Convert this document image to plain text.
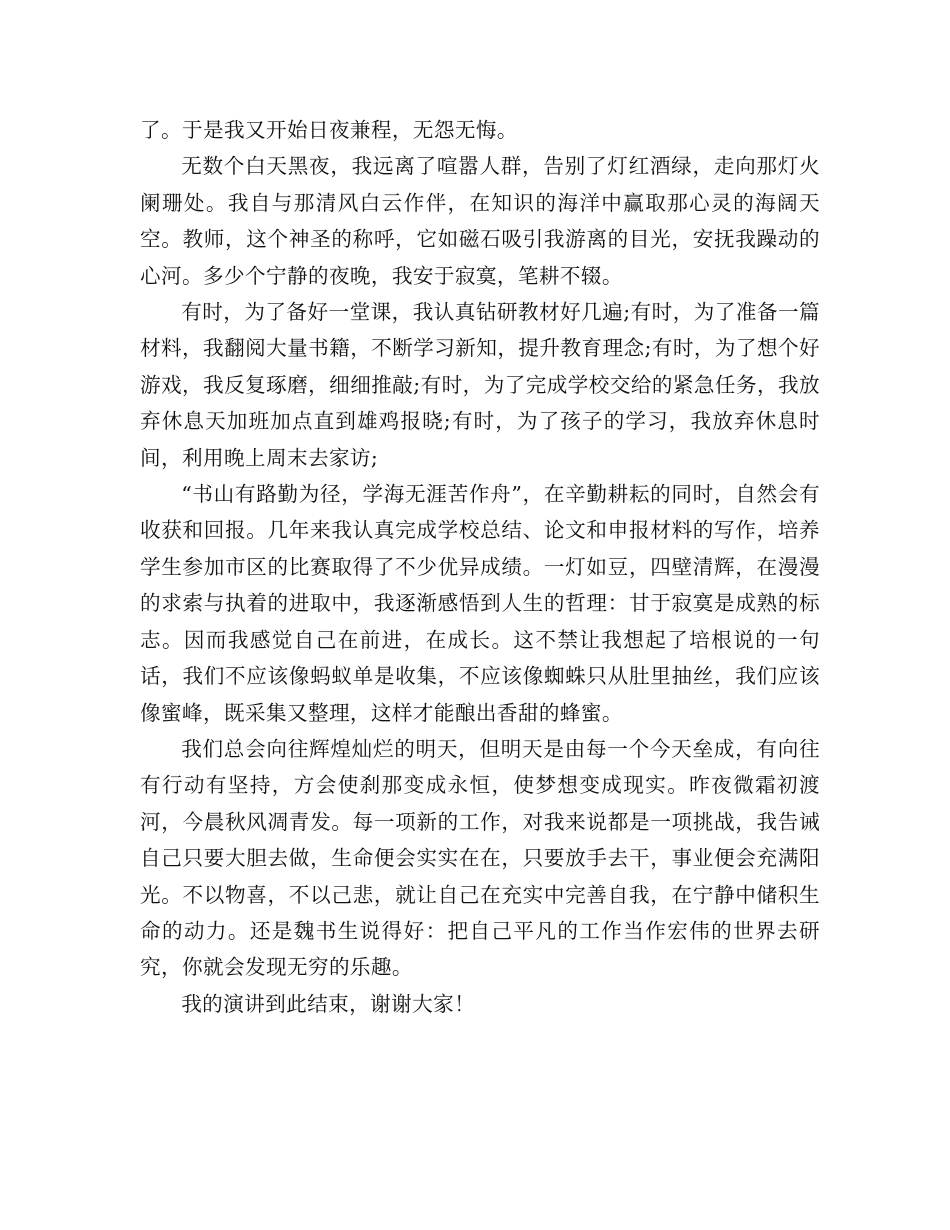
了。于是我又开始日夜兼程，无怨无悔。

无数个白天黑夜，我远离了喧嚣人群，告别了灯红酒绿，走向那灯火阑珊处。我自与那清风白云作伴，在知识的海洋中赢取那心灵的海阔天空。教师，这个神圣的称呼，它如磁石吸引我游离的目光，安抚我躁动的心河。多少个宁静的夜晚，我安于寂寞，笔耕不辍。

有时，为了备好一堂课，我认真钻研教材好几遍;有时，为了准备一篇材料，我翻阅大量书籍，不断学习新知，提升教育理念;有时，为了想个好游戏，我反复琢磨，细细推敲;有时，为了完成学校交给的紧急任务，我放弃休息天加班加点直到雄鸡报晓;有时，为了孩子的学习，我放弃休息时间，利用晚上周末去家访;

“书山有路勤为径，学海无涯苦作舟”，在辛勤耕耘的同时，自然会有收获和回报。几年来我认真完成学校总结、论文和申报材料的写作，培养学生参加市区的比赛取得了不少优异成绩。一灯如豆，四壁清辉，在漫漫的求索与执着的进取中，我逐渐感悟到人生的哲理：甘于寂寞是成熟的标志。因而我感觉自己在前进，在成长。这不禁让我想起了培根说的一句话，我们不应该像蚂蚁单是收集，不应该像蜘蛛只从肚里抽丝，我们应该像蜜峰，既采集又整理，这样才能酿出香甜的蜂蜜。

我们总会向往辉煌灿烂的明天，但明天是由每一个今天垒成，有向往有行动有坚持，方会使刹那变成永恒，使梦想变成现实。昨夜微霜初渡河，今晨秋风凋青发。每一项新的工作，对我来说都是一项挑战，我告诫自己只要大胆去做，生命便会实实在在，只要放手去干，事业便会充满阳光。不以物喜，不以己悲，就让自己在充实中完善自我，在宁静中储积生命的动力。还是魏书生说得好：把自己平凡的工作当作宏伟的世界去研究，你就会发现无穷的乐趣。

我的演讲到此结束，谢谢大家！
